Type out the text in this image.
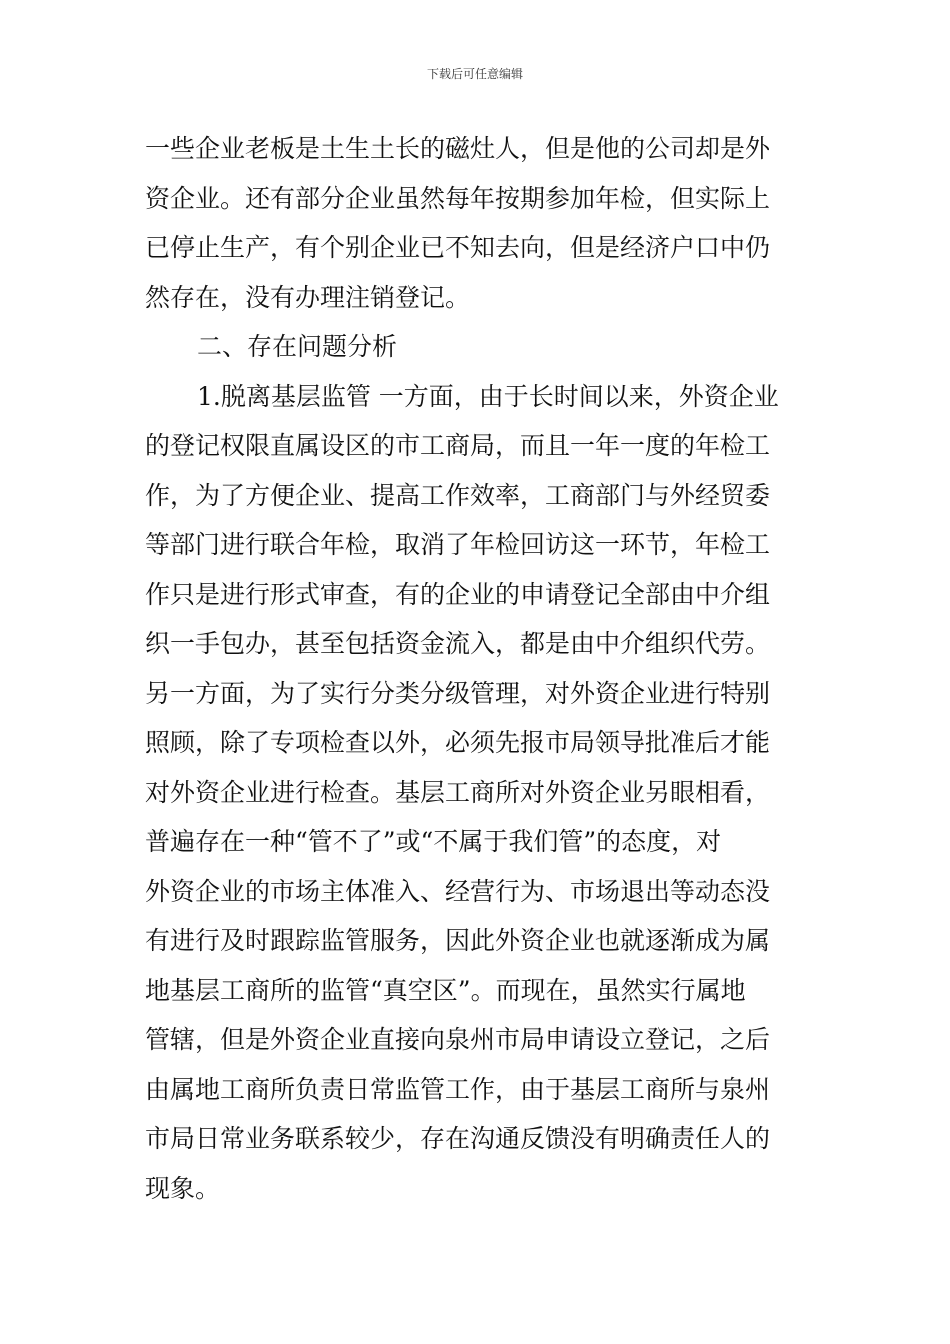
下载后可任意编辑
一些企业老板是土生土长的磁灶人，但是他的公司却是外
资企业。还有部分企业虽然每年按期参加年检，但实际上
已停止生产，有个别企业已不知去向，但是经济户口中仍
然存在，没有办理注销登记。
二、存在问题分析
1.脱离基层监管 一方面，由于长时间以来，外资企业
的登记权限直属设区的市工商局，而且一年一度的年检工
作，为了方便企业、提高工作效率，工商部门与外经贸委
等部门进行联合年检，取消了年检回访这一环节，年检工
作只是进行形式审查，有的企业的申请登记全部由中介组
织一手包办，甚至包括资金流入，都是由中介组织代劳。
另一方面，为了实行分类分级管理，对外资企业进行特别
照顾，除了专项检查以外，必须先报市局领导批准后才能
对外资企业进行检查。基层工商所对外资企业另眼相看，
普遍存在一种“管不了”或“不属于我们管”的态度，对
外资企业的市场主体准入、经营行为、市场退出等动态没
有进行及时跟踪监管服务，因此外资企业也就逐渐成为属
地基层工商所的监管“真空区”。而现在，虽然实行属地
管辖，但是外资企业直接向泉州市局申请设立登记，之后
由属地工商所负责日常监管工作，由于基层工商所与泉州
市局日常业务联系较少，存在沟通反馈没有明确责任人的
现象。
